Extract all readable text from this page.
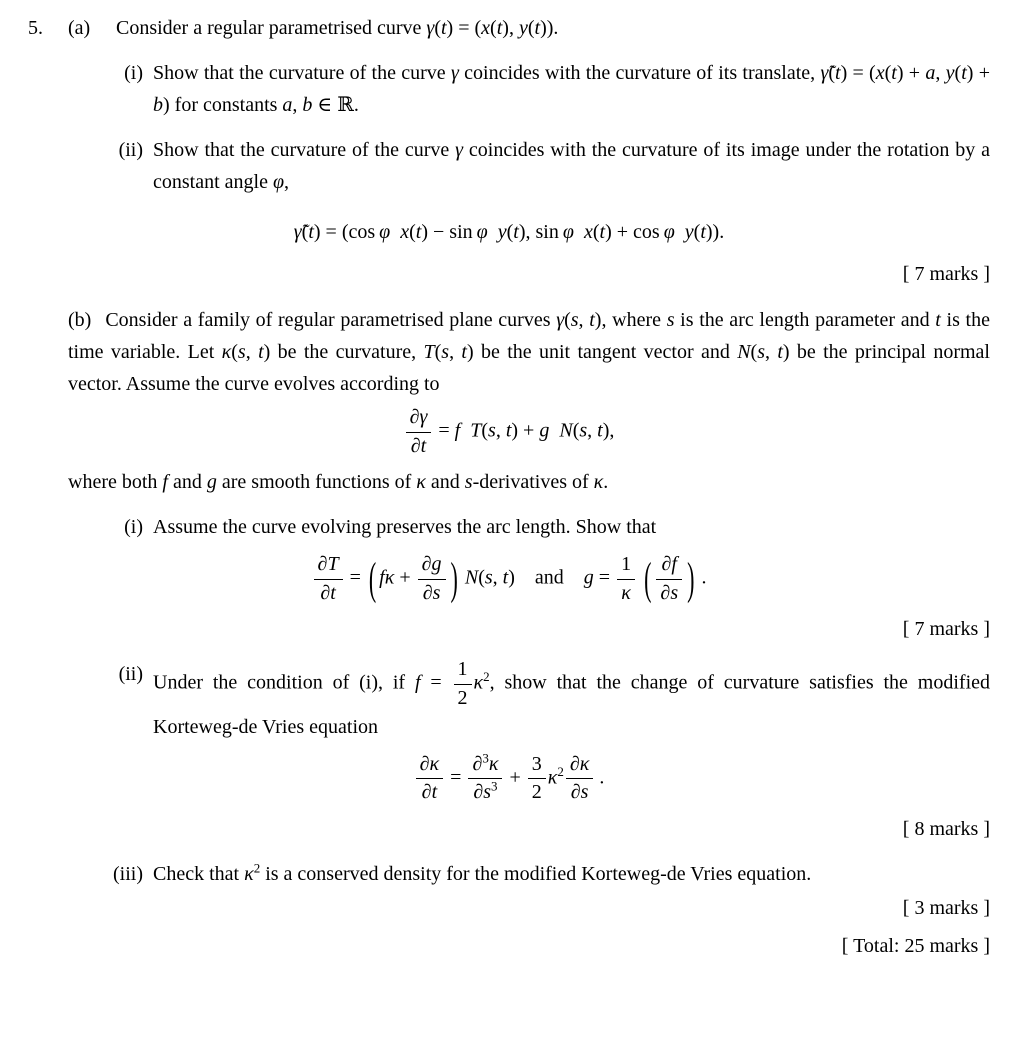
5.	(a)	Consider a regular parametrised curve γ(t) = (x(t), y(t)).
(i) Show that the curvature of the curve γ coincides with the curvature of its translate, γ̃(t) = (x(t) + a, y(t) + b) for constants a, b ∈ ℝ.
(ii) Show that the curvature of the curve γ coincides with the curvature of its image under the rotation by a constant angle φ,
γ̃(t) = (cos φ  x(t) − sin φ  y(t), sin φ  x(t) + cos φ  y(t)).
[ 7 marks ]
(b) Consider a family of regular parametrised plane curves γ(s, t), where s is the arc length parameter and t is the time variable. Let κ(s, t) be the curvature, T(s, t) be the unit tangent vector and N(s, t) be the principal normal vector. Assume the curve evolves according to
$\frac{\partial\gamma}{\partial t} = f$  T(s, t) + g  N(s, t),
where both f and g are smooth functions of κ and s-derivatives of κ.
(i) Assume the curve evolving preserves the arc length. Show that
$\frac{\partial T}{\partial t}$ = ( $f\kappa + \frac{\partial g}{\partial s}$ )  N(s, t) and $g = \frac{1}{\kappa}$
  ( $\frac{\partial f}{\partial s}$ ) .
[ 7 marks ]
(ii) Under the condition of (i), if $f = \frac{1}{2} \kappa^2$, show that the change of curvature satisfies the modified Korteweg-de Vries equation
$\frac{\partial\kappa}{\partial t} = \frac{\partial^3\kappa}{\partial s^3} + \frac{3}{2} \kappa^2 \frac{\partial\kappa}{\partial s}$  .
[ 8 marks ]
(iii) Check that $\kappa^2$ is a conserved density for the modified Korteweg-de Vries equation.
[ 3 marks ]
[ Total: 25 marks ]
